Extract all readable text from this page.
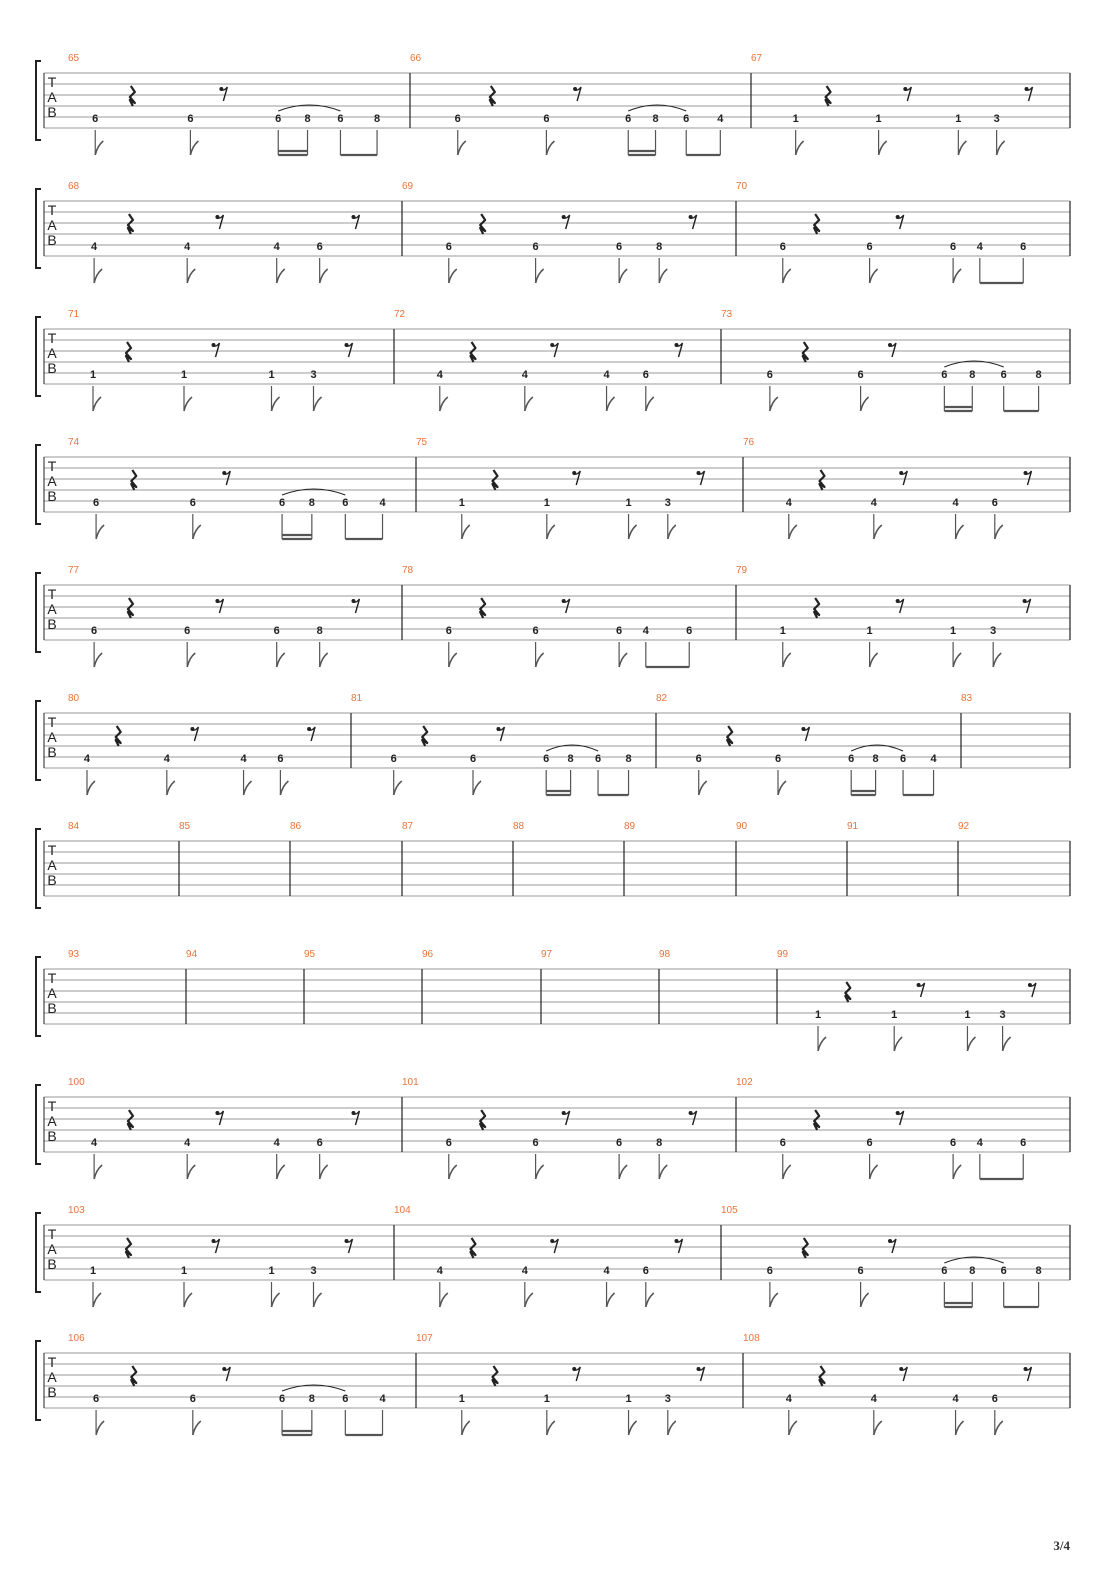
T
A
B
65
6	6	6 8 6	8
66
6	6	6 8 6	4
67
1	1	1	3
T
A
B
68
4	4	4	6
69
6	6	6	8
70
6	6	6 4	6
T
A
B
71
1	1	1	3
72
4	4	4	6
73
6	6	6 8 6	8
T
A
B
74
6	6	6 8 6	4
75
1	1	1	3
76
4	4	4	6
T
A
B
77
6	6	6	8
78
6	6	6 4	6
79
1	1	1	3
T
A
B
80
4	4	4	6
81
6	6	6 8 6 8
82
6	6	6 8 6 4
83
T
A
B
84	85	86	87	88	89	90	91	92
T
A
B
93	94	95	96	97	98	99
1	1	1	3
T
A
B
100
4	4	4	6
101
6	6	6	8
102
6	6	6 4	6
T
A
B
103
1	1	1	3
104
4	4	4	6
105
6	6	6 8 6	8
T
A
B
106
6	6	6 8 6	4
107
1	1	1	3
108
4	4	4	6
3/4
